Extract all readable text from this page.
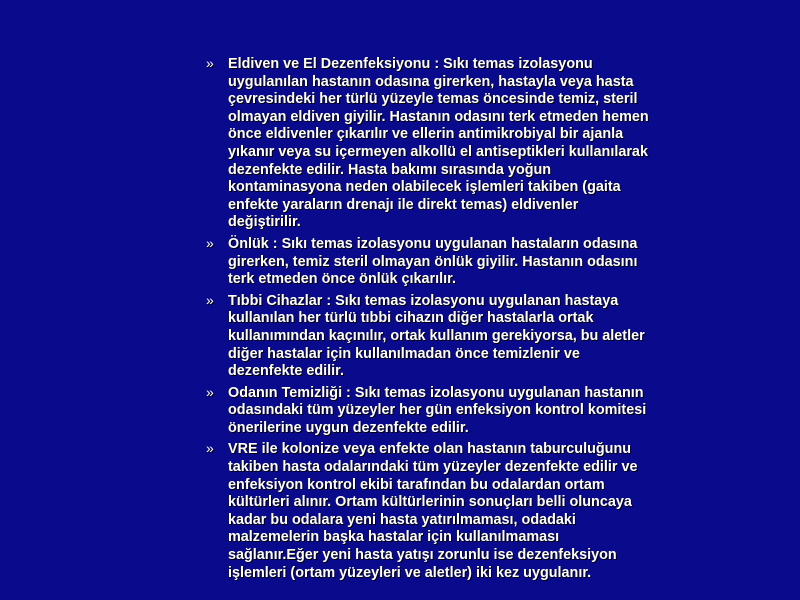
» Eldiven ve El Dezenfeksiyonu : Sıkı temas izolasyonu
uygulanılan hastanın odasına girerken, hastayla veya hasta
çevresindeki her türlü yüzeyle temas öncesinde temiz, steril
olmayan eldiven giyilir. Hastanın odasını terk etmeden hemen
önce eldivenler çıkarılır ve ellerin antimikrobiyal bir ajanla
yıkanır veya su içermeyen alkollü el antiseptikleri kullanılarak
dezenfekte edilir. Hasta bakımı sırasında yoğun
kontaminasyona neden olabilecek işlemleri takiben (gaita
enfekte yaraların drenajı ile direkt temas) eldivenler
değiştirilir.
» Önlük : Sıkı temas izolasyonu uygulanan hastaların odasına
girerken, temiz steril olmayan önlük giyilir. Hastanın odasını
terk etmeden önce önlük çıkarılır.
» Tıbbi Cihazlar : Sıkı temas izolasyonu uygulanan hastaya
kullanılan her türlü tıbbi cihazın diğer hastalarla ortak
kullanımından kaçınılır, ortak kullanım gerekiyorsa, bu aletler
diğer hastalar için kullanılmadan önce temizlenir ve
dezenfekte edilir.
» Odanın Temizliği : Sıkı temas izolasyonu uygulanan hastanın
odasındaki tüm yüzeyler her gün enfeksiyon kontrol komitesi
önerilerine uygun dezenfekte edilir.
» VRE ile kolonize veya enfekte olan hastanın taburculuğunu
takiben hasta odalarındaki tüm yüzeyler dezenfekte edilir ve
enfeksiyon kontrol ekibi tarafından bu odalardan ortam
kültürleri alınır. Ortam kültürlerinin sonuçları belli oluncaya
kadar bu odalara yeni hasta yatırılmaması, odadaki
malzemelerin başka hastalar için kullanılmaması
sağlanır.Eğer yeni hasta yatışı zorunlu ise dezenfeksiyon
işlemleri (ortam yüzeyleri ve aletler) iki kez uygulanır.
